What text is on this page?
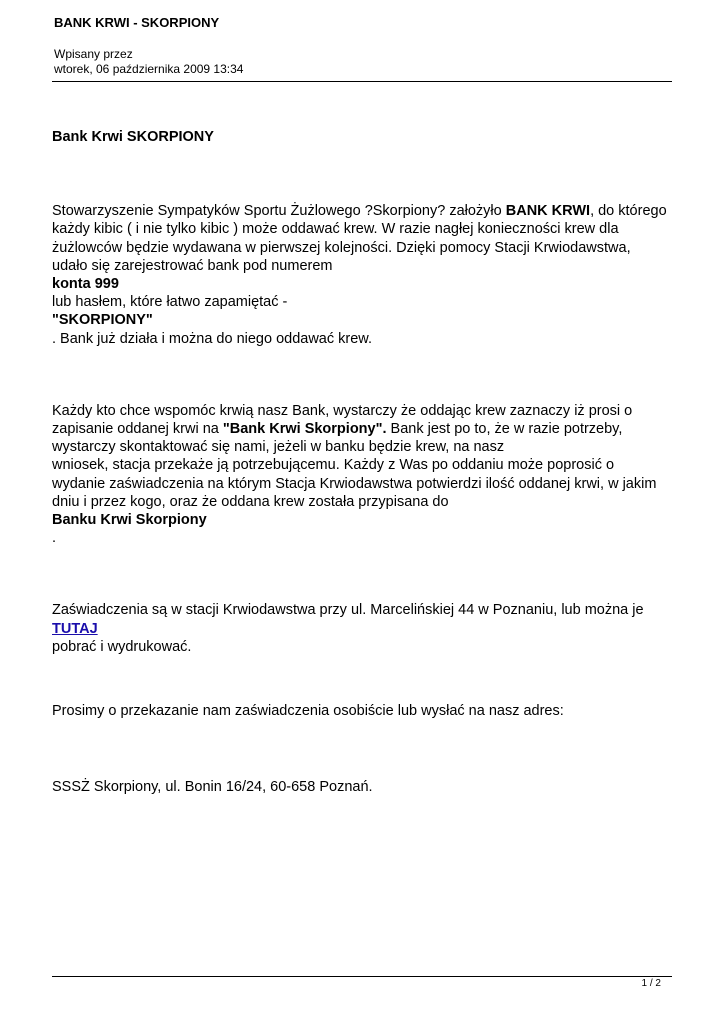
BANK KRWI - SKORPIONY
Wpisany przez
wtorek, 06 października 2009 13:34

Bank Krwi SKORPIONY

Stowarzyszenie Sympatyków Sportu Żużlowego ?Skorpiony? założyło BANK KRWI, do którego każdy kibic ( i nie tylko kibic ) może oddawać krew. W razie nagłej konieczności krew dla żużlowców będzie wydawana w pierwszej kolejności. Dzięki pomocy Stacji Krwiodawstwa, udało się zarejestrować bank pod numerem

konta 999

lub hasłem, które łatwo zapamiętać -

"SKORPIONY"

. Bank już działa i można do niego oddawać krew.

Każdy kto chce wspomóc krwią nasz Bank, wystarczy że oddając krew zaznaczy iż prosi o zapisanie oddanej krwi na "Bank Krwi Skorpiony". Bank jest po to, że w razie potrzeby, wystarczy skontaktować się nami, jeżeli w banku będzie krew, na nasz

wniosek, stacja przekaże ją potrzebującemu. Każdy z Was po oddaniu może poprosić o wydanie zaświadczenia na którym Stacja Krwiodawstwa potwierdzi ilość oddanej krwi, w jakim dniu i przez kogo, oraz że oddana krew została przypisana do

Banku Krwi Skorpiony

.

Zaświadczenia są w stacji Krwiodawstwa przy ul. Marcelińskiej 44 w Poznaniu, lub można je TUTAJ

pobrać i wydrukować.

Prosimy o przekazanie nam zaświadczenia osobiście lub wysłać na nasz adres:

SSSŻ Skorpiony, ul. Bonin 16/24, 60-658 Poznań.

1 / 2
